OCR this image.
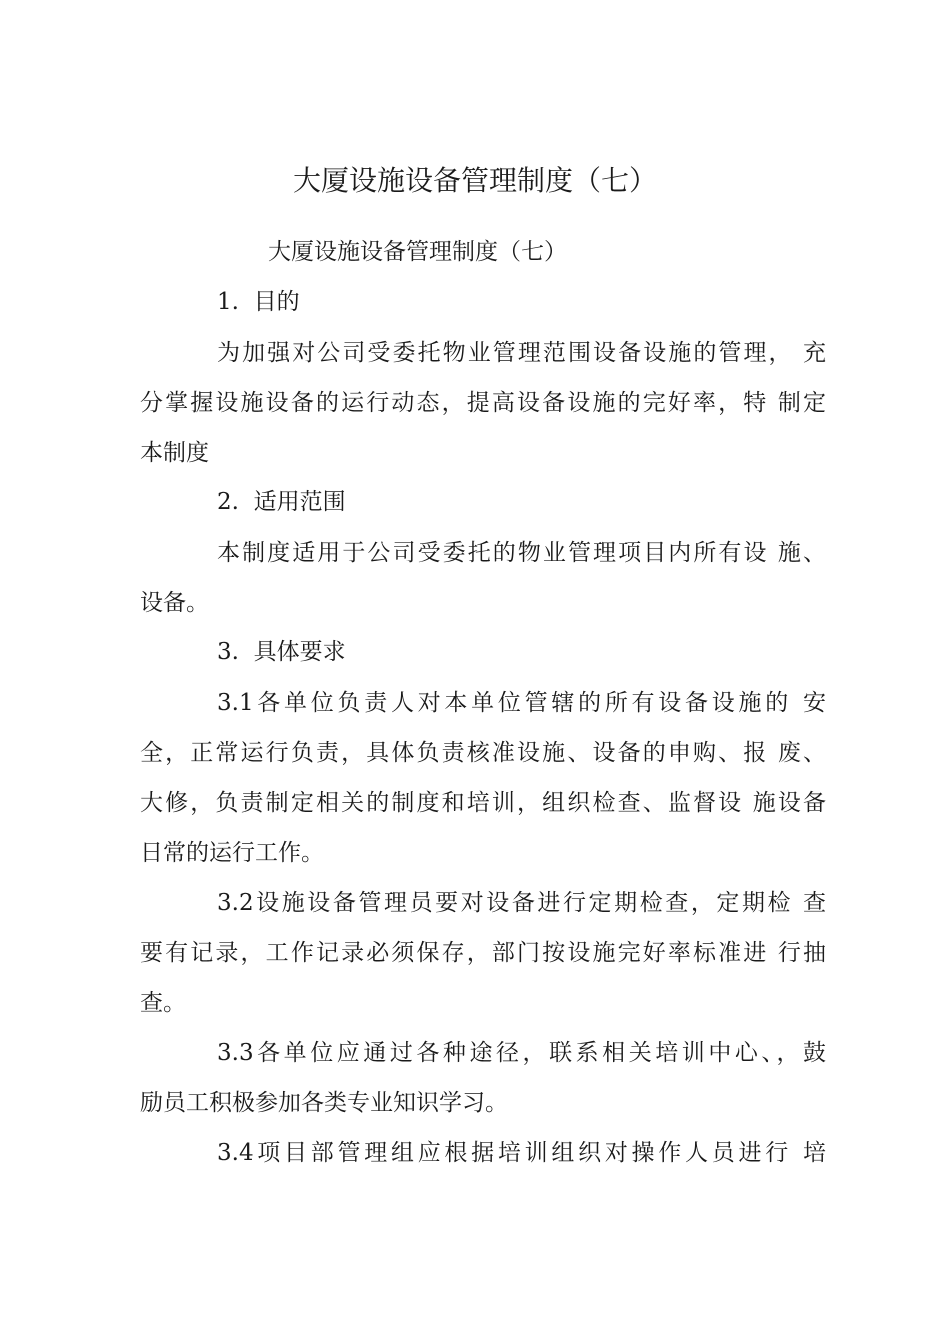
大厦设施设备管理制度（七）
大厦设施设备管理制度（七）
1.  目的
为加强对公司受委托物业管理范围设备设施的管理， 充
分掌握设施设备的运行动态，提高设备设施的完好率，特 制定
本制度
2.  适用范围
本制度适用于公司受委托的物业管理项目内所有设 施、
设备。
3.  具体要求
3.1各单位负责人对本单位管辖的所有设备设施的 安
全，正常运行负责，具体负责核准设施、设备的申购、报 废、
大修，负责制定相关的制度和培训，组织检查、监督设 施设备
日常的运行工作。
3.2设施设备管理员要对设备进行定期检查，定期检 查
要有记录，工作记录必须保存，部门按设施完好率标准进 行抽
查。
3.3各单位应通过各种途径，联系相关培训中心、，鼓
励员工积极参加各类专业知识学习。
3.4项目部管理组应根据培训组织对操作人员进行 培
